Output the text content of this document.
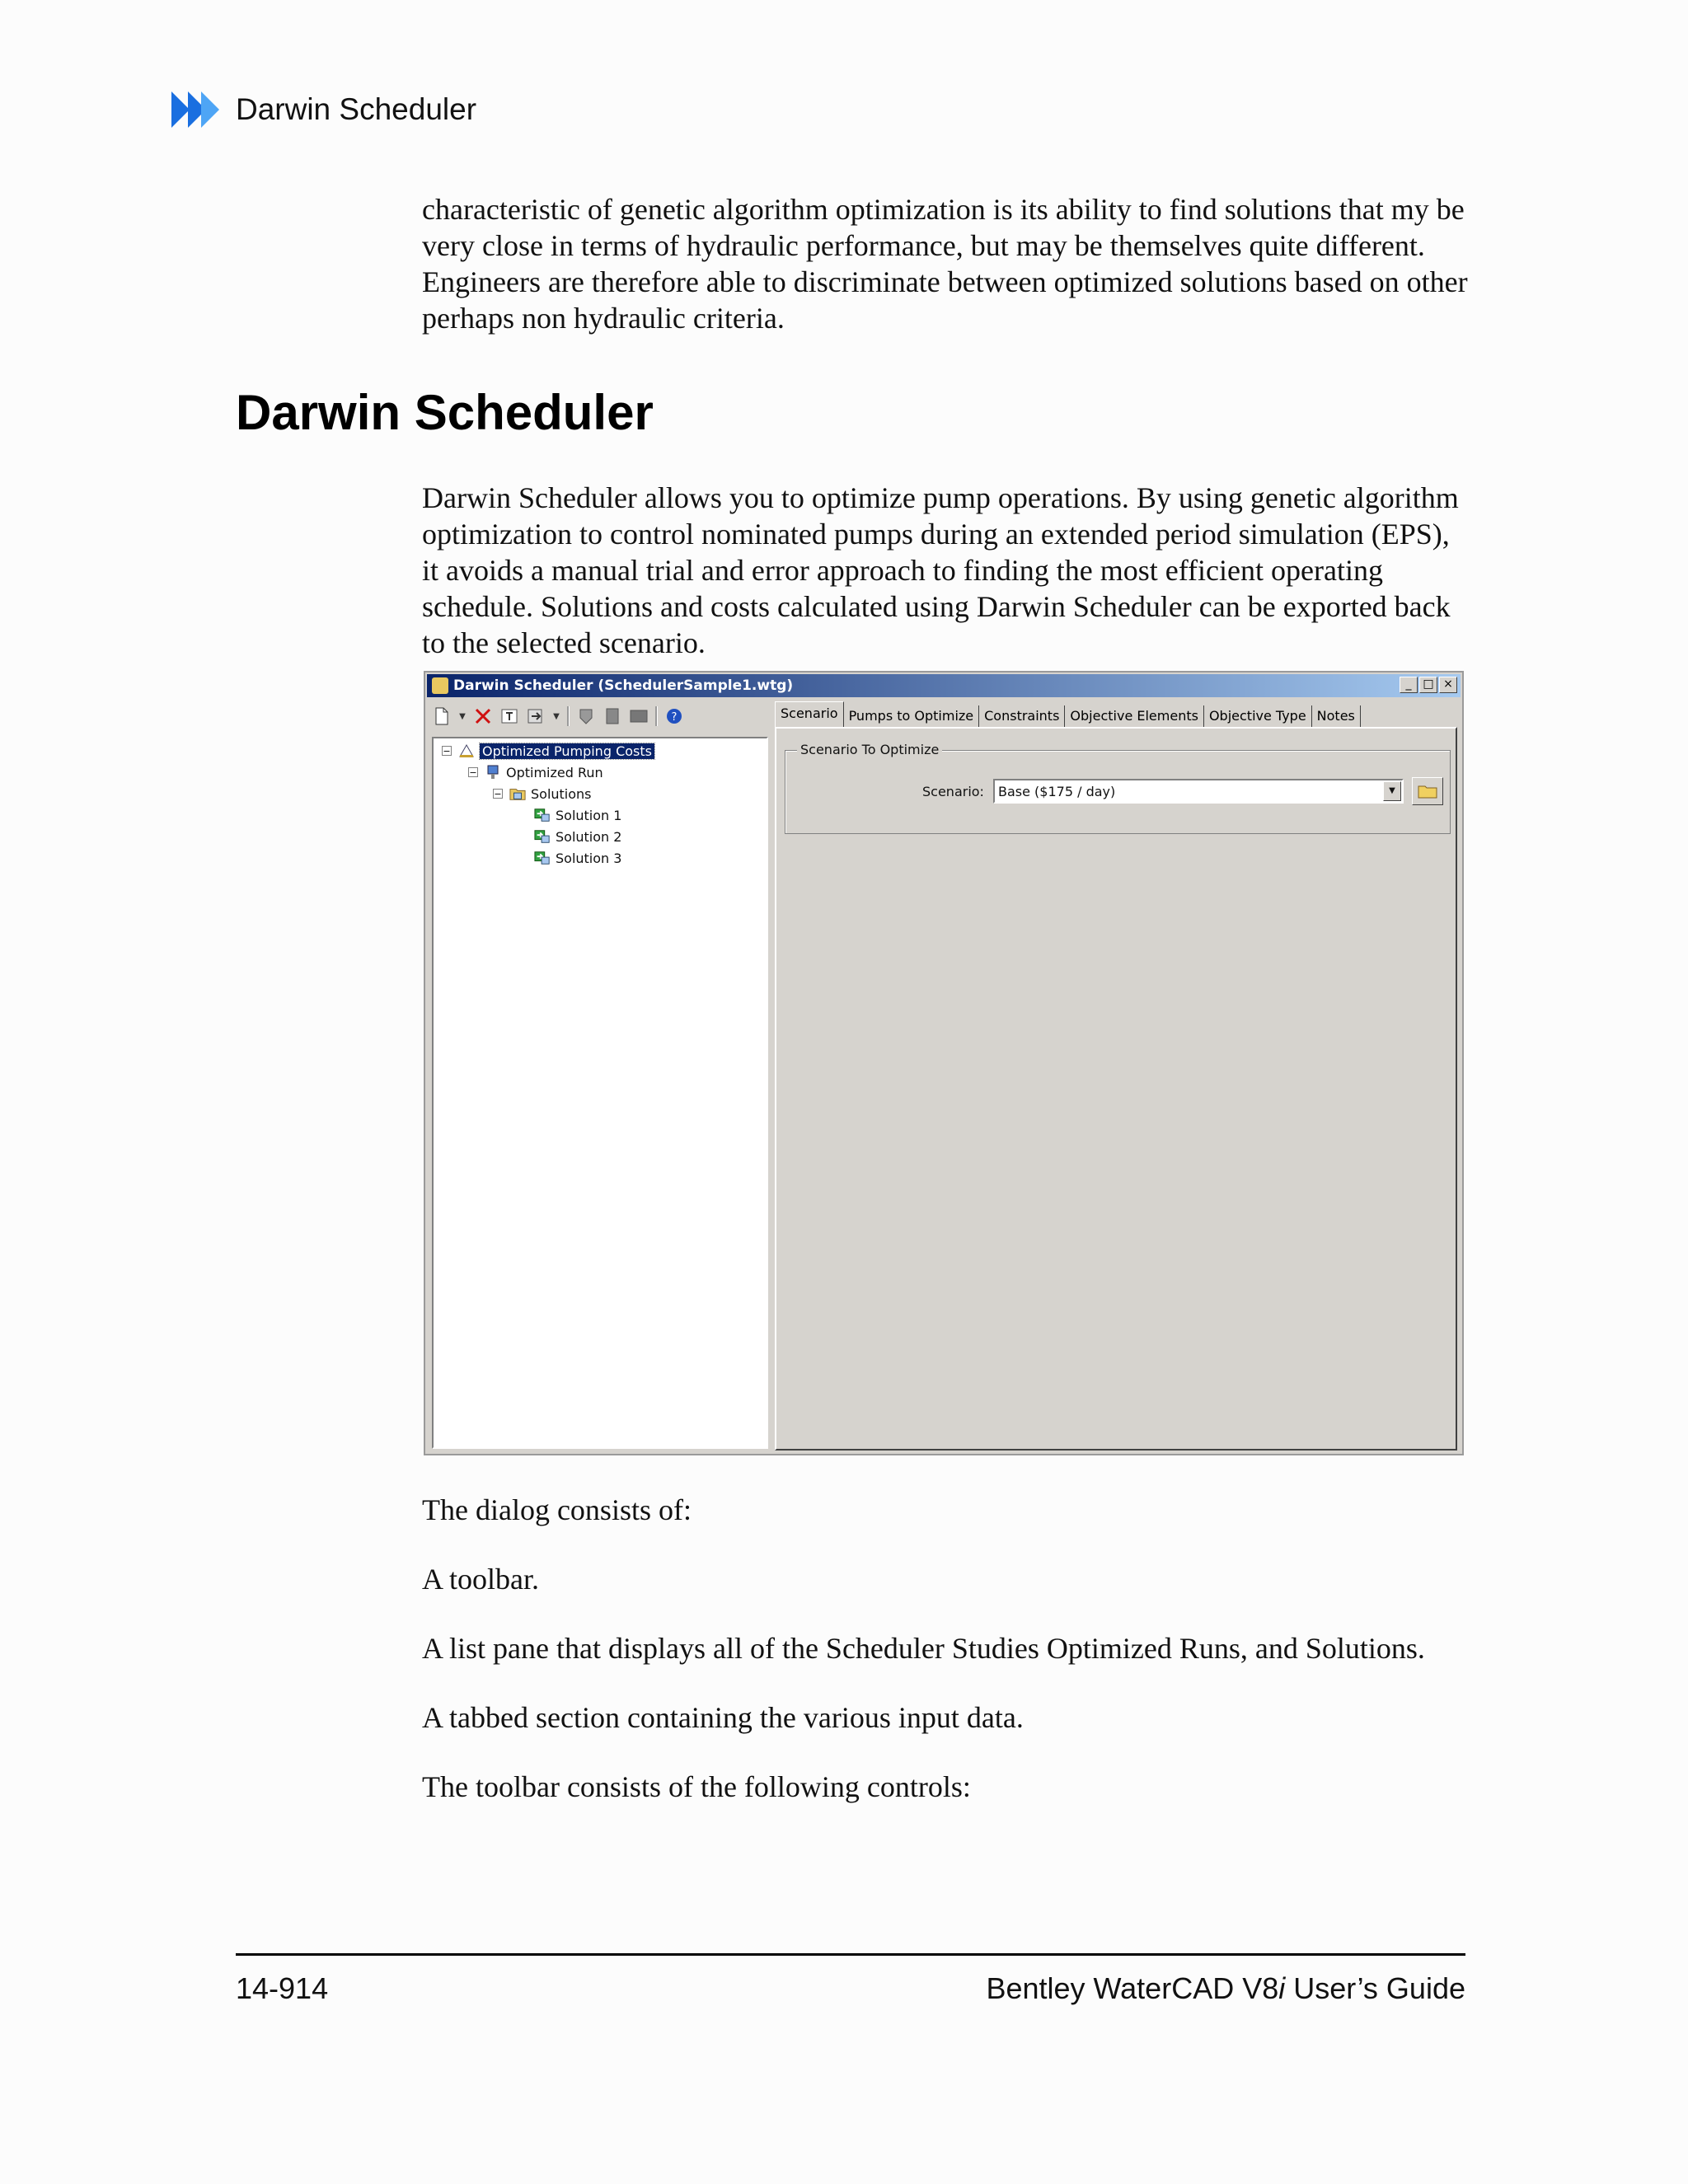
Darwin Scheduler
characteristic of genetic algorithm optimization is its ability to find solutions that my be very close in terms of hydraulic performance, but may be themselves quite different. Engineers are therefore able to discriminate between optimized solutions based on other perhaps non hydraulic criteria.
Darwin Scheduler
Darwin Scheduler allows you to optimize pump operations. By using genetic algorithm optimization to control nominated pumps during an extended period simulation (EPS), it avoids a manual trial and error approach to finding the most efficient operating schedule. Solutions and costs calculated using Darwin Scheduler can be exported back to the selected scenario.
Darwin Scheduler (SchedulerSample1.wtg)	_ □ ×
▼	▼	?
− Optimized Pumping Costs
− Optimized Run
− Solutions
Solution 1
Solution 2
Solution 3
Scenario Pumps to Optimize Constraints Objective Elements Objective Type Notes
Scenario To Optimize
Scenario: Base ($175 / day)	▼
The dialog consists of:
A toolbar.
A list pane that displays all of the Scheduler Studies Optimized Runs, and Solutions.
A tabbed section containing the various input data.
The toolbar consists of the following controls:
14-914	Bentley WaterCAD V8i User’s Guide
